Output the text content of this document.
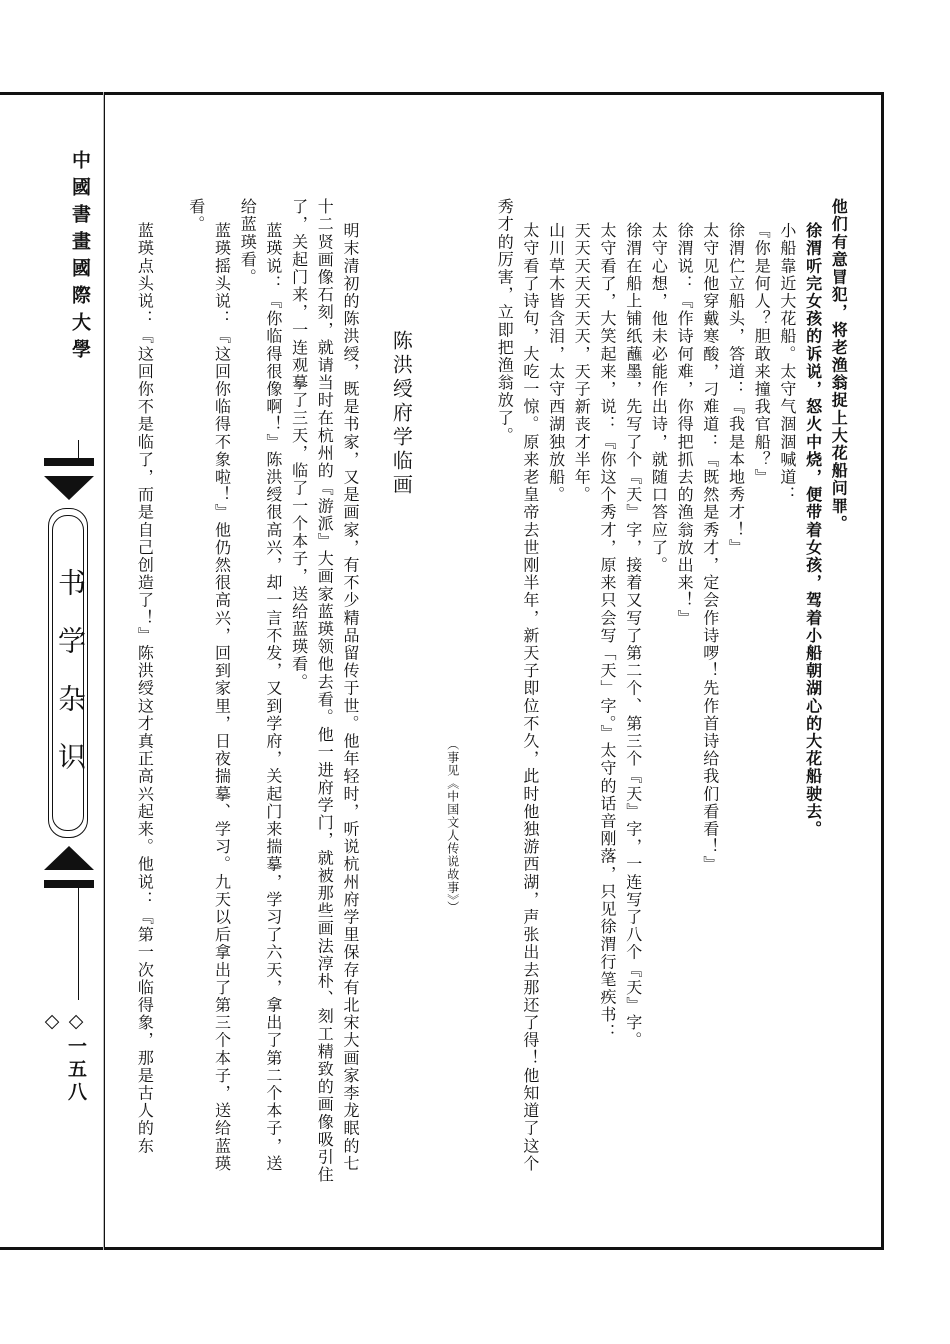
中國書畫國際大學
书学杂识
◇一五八◇
他们有意冒犯，将老渔翁捉上大花船问罪。
徐渭听完女孩的诉说，怒火中烧，便带着女孩，驾着小船朝湖心的大花船驶去。
小船靠近大花船。太守气涸涸喊道：
『你是何人？胆敢来撞我官船？』
徐渭伫立船头，答道：『我是本地秀才！』
太守见他穿戴寒酸，刁难道：『既然是秀才，定会作诗啰！先作首诗给我们看看！』
徐渭说：『作诗何难，你得把抓去的渔翁放出来！』
太守心想，他未必能作出诗，就随口答应了。
徐渭在船上铺纸蘸墨，先写了个『天』字，接着又写了第二个、第三个『天』字，一连写了八个『天』字。
太守看了，大笑起来，说：『你这个秀才，原来只会写「天」字。』太守的话音刚落，只见徐渭行笔疾书：
天天天天天天天，天子新丧才半年。
山川草木皆含泪，太守西湖独放船。
太守看了诗句，大吃一惊。原来老皇帝去世刚半年，新天子即位不久，此时他独游西湖，声张出去那还了得！他知道了这个
秀才的厉害，立即把渔翁放了。
（事见《中国文人传说故事》）
陈洪绶府学临画
明末清初的陈洪绶，既是书家，又是画家，有不少精品留传于世。他年轻时，听说杭州府学里保存有北宋大画家李龙眠的七
十二贤画像石刻，就请当时在杭州的『游派』大画家蓝瑛领他去看。他一进府学门，就被那些画法淳朴、刻工精致的画像吸引住
了，关起门来，一连观摹了三天，临了一个本子，送给蓝瑛看。
蓝瑛说：『你临得很像啊！』陈洪绶很高兴，却一言不发，又到学府，关起门来揣摹，学习了六天，拿出了第二个本子，送
给蓝瑛看。
蓝瑛摇头说：『这回你临得不象啦！』他仍然很高兴，回到家里，日夜揣摹、学习。九天以后拿出了第三个本子，送给蓝瑛
看。
蓝瑛点头说：『这回你不是临了，而是自己创造了！』陈洪绶这才真正高兴起来。他说：『第一次临得象，那是古人的东
